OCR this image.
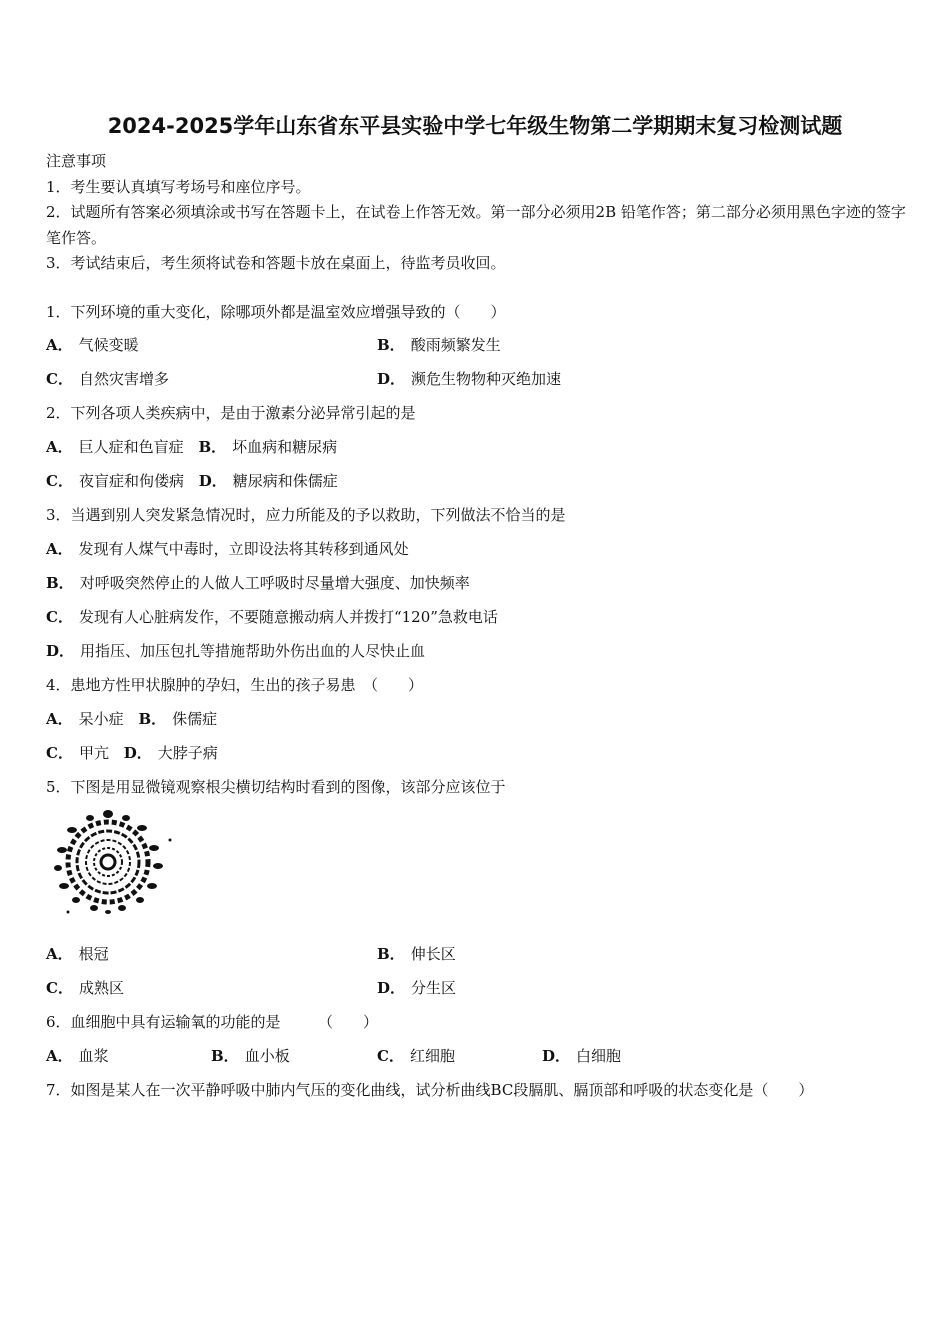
2024-2025学年山东省东平县实验中学七年级生物第二学期期末复习检测试题
注意事项
1．考生要认真填写考场号和座位序号。
2．试题所有答案必须填涂或书写在答题卡上，在试卷上作答无效。第一部分必须用2B 铅笔作答；第二部分必须用黑色字迹的签字笔作答。
3．考试结束后，考生须将试卷和答题卡放在桌面上，待监考员收回。
1．下列环境的重大变化，除哪项外都是温室效应增强导致的（　　）
A． 气候变暖	B． 酸雨频繁发生
C． 自然灾害增多	D． 濒危生物物种灭绝加速
2．下列各项人类疾病中，是由于激素分泌异常引起的是
A． 巨人症和色盲症 B． 坏血病和糖尿病
C． 夜盲症和佝偻病 D． 糖尿病和侏儒症
3．当遇到别人突发紧急情况时，应力所能及的予以救助，下列做法不恰当的是
A． 发现有人煤气中毒时，立即设法将其转移到通风处
B． 对呼吸突然停止的人做人工呼吸时尽量增大强度、加快频率
C． 发现有人心脏病发作，不要随意搬动病人并拨打“120”急救电话
D． 用指压、加压包扎等措施帮助外伤出血的人尽快止血
4．患地方性甲状腺肿的孕妇，生出的孩子易患　（　　）
A． 呆小症 B． 侏儒症
C． 甲亢 D． 大脖子病
5．下图是用显微镜观察根尖横切结构时看到的图像，该部分应该位于
A． 根冠	B． 伸长区
C． 成熟区	D． 分生区
6．血细胞中具有运输氧的功能的是　　　（　　）
A． 血浆	B． 血小板	C． 红细胞	D． 白细胞
7．如图是某人在一次平静呼吸中肺内气压的变化曲线，试分析曲线BC段膈肌、膈顶部和呼吸的状态变化是（　　）
